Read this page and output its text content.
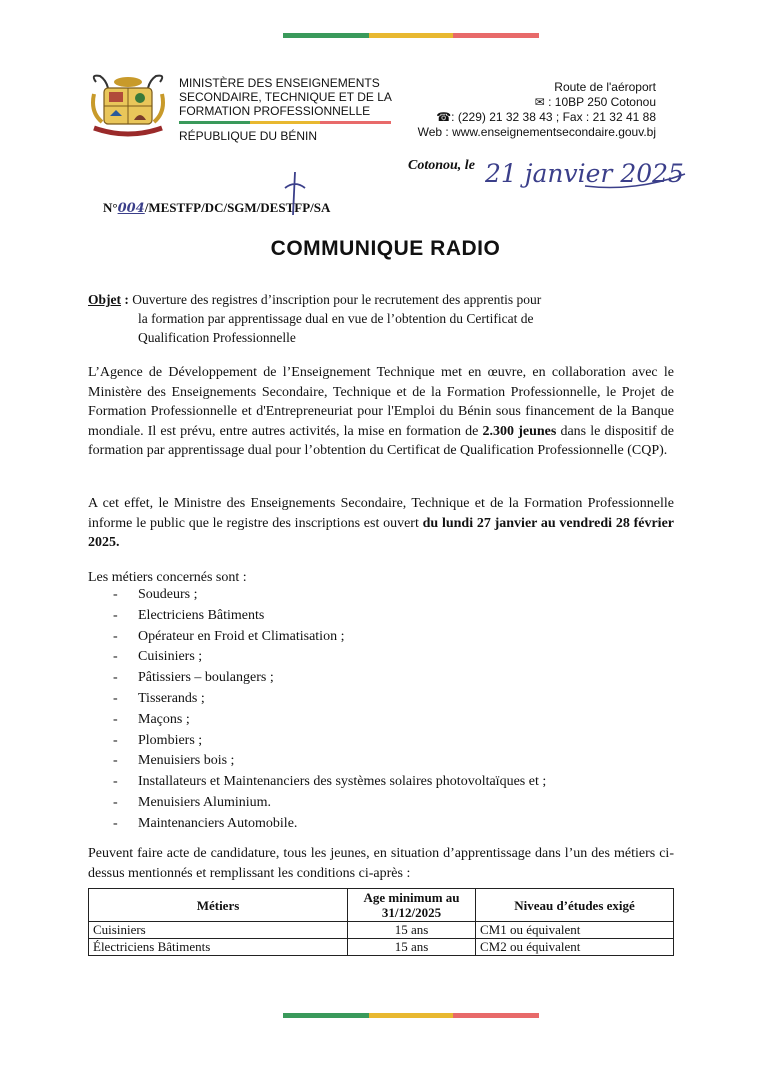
MINISTÈRE DES ENSEIGNEMENTS
SECONDAIRE, TECHNIQUE ET DE LA
FORMATION PROFESSIONNELLE
RÉPUBLIQUE DU BÉNIN
Route de l'aéroport
✉ : 10BP 250 Cotonou
☎: (229) 21 32 38 43 ; Fax : 21 32 41 88
Web : www.enseignementsecondaire.gouv.bj
Cotonou, le 21 janvier 2025
N°004/MESTFP/DC/SGM/DESTFP/SA
COMMUNIQUE RADIO
Objet : Ouverture des registres d’inscription pour le recrutement des apprentis pour
la formation par apprentissage dual en vue de l’obtention du Certificat de
Qualification Professionnelle
L’Agence de Développement de l’Enseignement Technique met en œuvre, en collaboration avec le Ministère des Enseignements Secondaire, Technique et de la Formation Professionnelle, le Projet de Formation Professionnelle et d'Entrepreneuriat pour l'Emploi du Bénin sous financement de la Banque mondiale. Il est prévu, entre autres activités, la mise en formation de 2.300 jeunes dans le dispositif de formation par apprentissage dual pour l’obtention du Certificat de Qualification Professionnelle (CQP).
A cet effet, le Ministre des Enseignements Secondaire, Technique et de la Formation Professionnelle informe le public que le registre des inscriptions est ouvert du lundi 27 janvier au vendredi 28 février 2025.
Les métiers concernés sont :
- Soudeurs ;
- Electriciens Bâtiments
- Opérateur en Froid et Climatisation ;
- Cuisiniers ;
- Pâtissiers – boulangers ;
- Tisserands ;
- Maçons ;
- Plombiers ;
- Menuisiers bois ;
- Installateurs et Maintenanciers des systèmes solaires photovoltaïques et ;
- Menuisiers Aluminium.
- Maintenanciers Automobile.
Peuvent faire acte de candidature, tous les jeunes, en situation d’apprentissage dans l’un des métiers ci-dessus mentionnés et remplissant les conditions ci-après :
Métiers	Age minimum au 31/12/2025	Niveau d’études exigé
Cuisiniers	15 ans	CM1 ou équivalent
Électriciens Bâtiments	15 ans	CM2 ou équivalent
